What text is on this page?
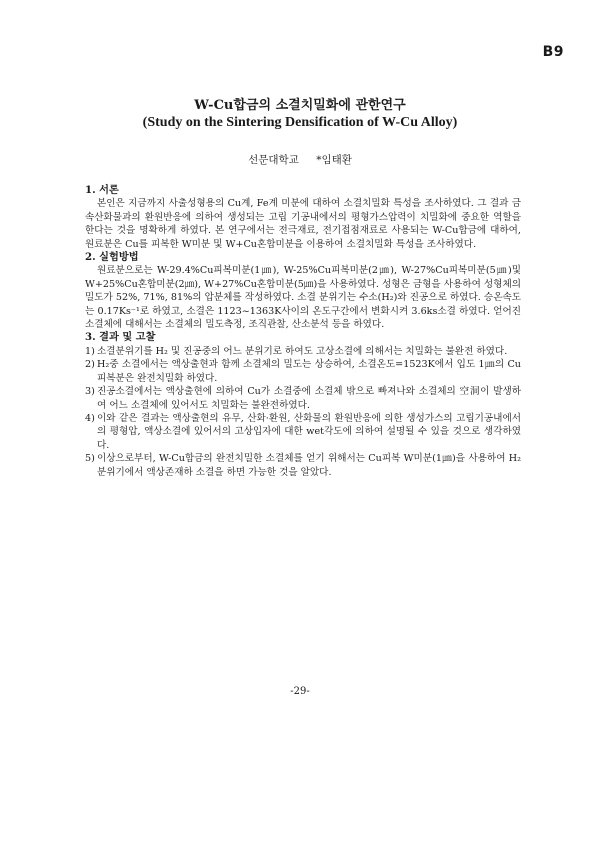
B9
W-Cu합금의 소결치밀화에 관한연구
(Study on the Sintering Densification of W-Cu Alloy)
선문대학교 *임태환

1. 서론

본인은 지금까지 사출성형용의 Cu계, Fe계 미분에 대하여 소결치밀화 특성을 조사하였다. 그 결과 금속산화물과의 환원반응에 의하여 생성되는 고립 기공내에서의 평형가스압력이 치밀화에 중요한 역할을 한다는 것을 명확하게 하였다. 본 연구에서는 전극재료, 전기접점재료로 사용되는 W-Cu합금에 대하여, 원료분은 Cu를 피복한 W미분 및 W+Cu혼합미분을 이용하여 소결치밀화 특성을 조사하였다.

2. 실험방법

원료분으로는 W-29.4%Cu피복미분(1㎛), W-25%Cu피복미분(2㎛), W-27%Cu피복미분(5㎛)및 W+25%Cu혼합미분(2㎛), W+27%Cu혼합미분(5㎛)을 사용하였다. 성형은 금형을 사용하여 성형체의 밀도가 52%, 71%, 81%의 압분체를 작성하였다. 소결 분위기는 수소(H₂)와 진공으로 하였다. 승온속도는 0.17Ks⁻¹로 하였고, 소결은 1123~1363K사이의 온도구간에서 변화시켜 3.6ks소결 하였다. 얻어진 소결체에 대해서는 소결체의 밀도측정, 조직관찰, 산소분석 등을 하였다.

3. 결과 및 고찰

1) 소결분위기를 H₂ 및 진공중의 어느 분위기로 하여도 고상소결에 의해서는 치밀화는 불완전 하였다.
2) H₂중 소결에서는 액상출현과 함께 소결체의 밀도는 상승하여, 소결온도=1523K에서 입도 1㎛의 Cu피복분은 완전치밀화 하였다.
3) 진공소결에서는 액상출현에 의하여 Cu가 소결중에 소결체 밖으로 빠져나와 소결체의 空洞이 발생하여 어느 소결체에 있어서도 치밀화는 불완전하였다.
4) 이와 같은 결과는 액상출현의 유무, 산화·환원, 산화물의 환원반응에 의한 생성가스의 고립기공내에서의 평형압, 액상소결에 있어서의 고상입자에 대한 wet각도에 의하여 설명될 수 있을 것으로 생각하였다.
5) 이상으로부터, W-Cu합금의 완전치밀한 소결체를 얻기 위해서는 Cu피복 W미분(1㎛)을 사용하여 H₂분위기에서 액상존재하 소결을 하면 가능한 것을 알았다.
-29-
